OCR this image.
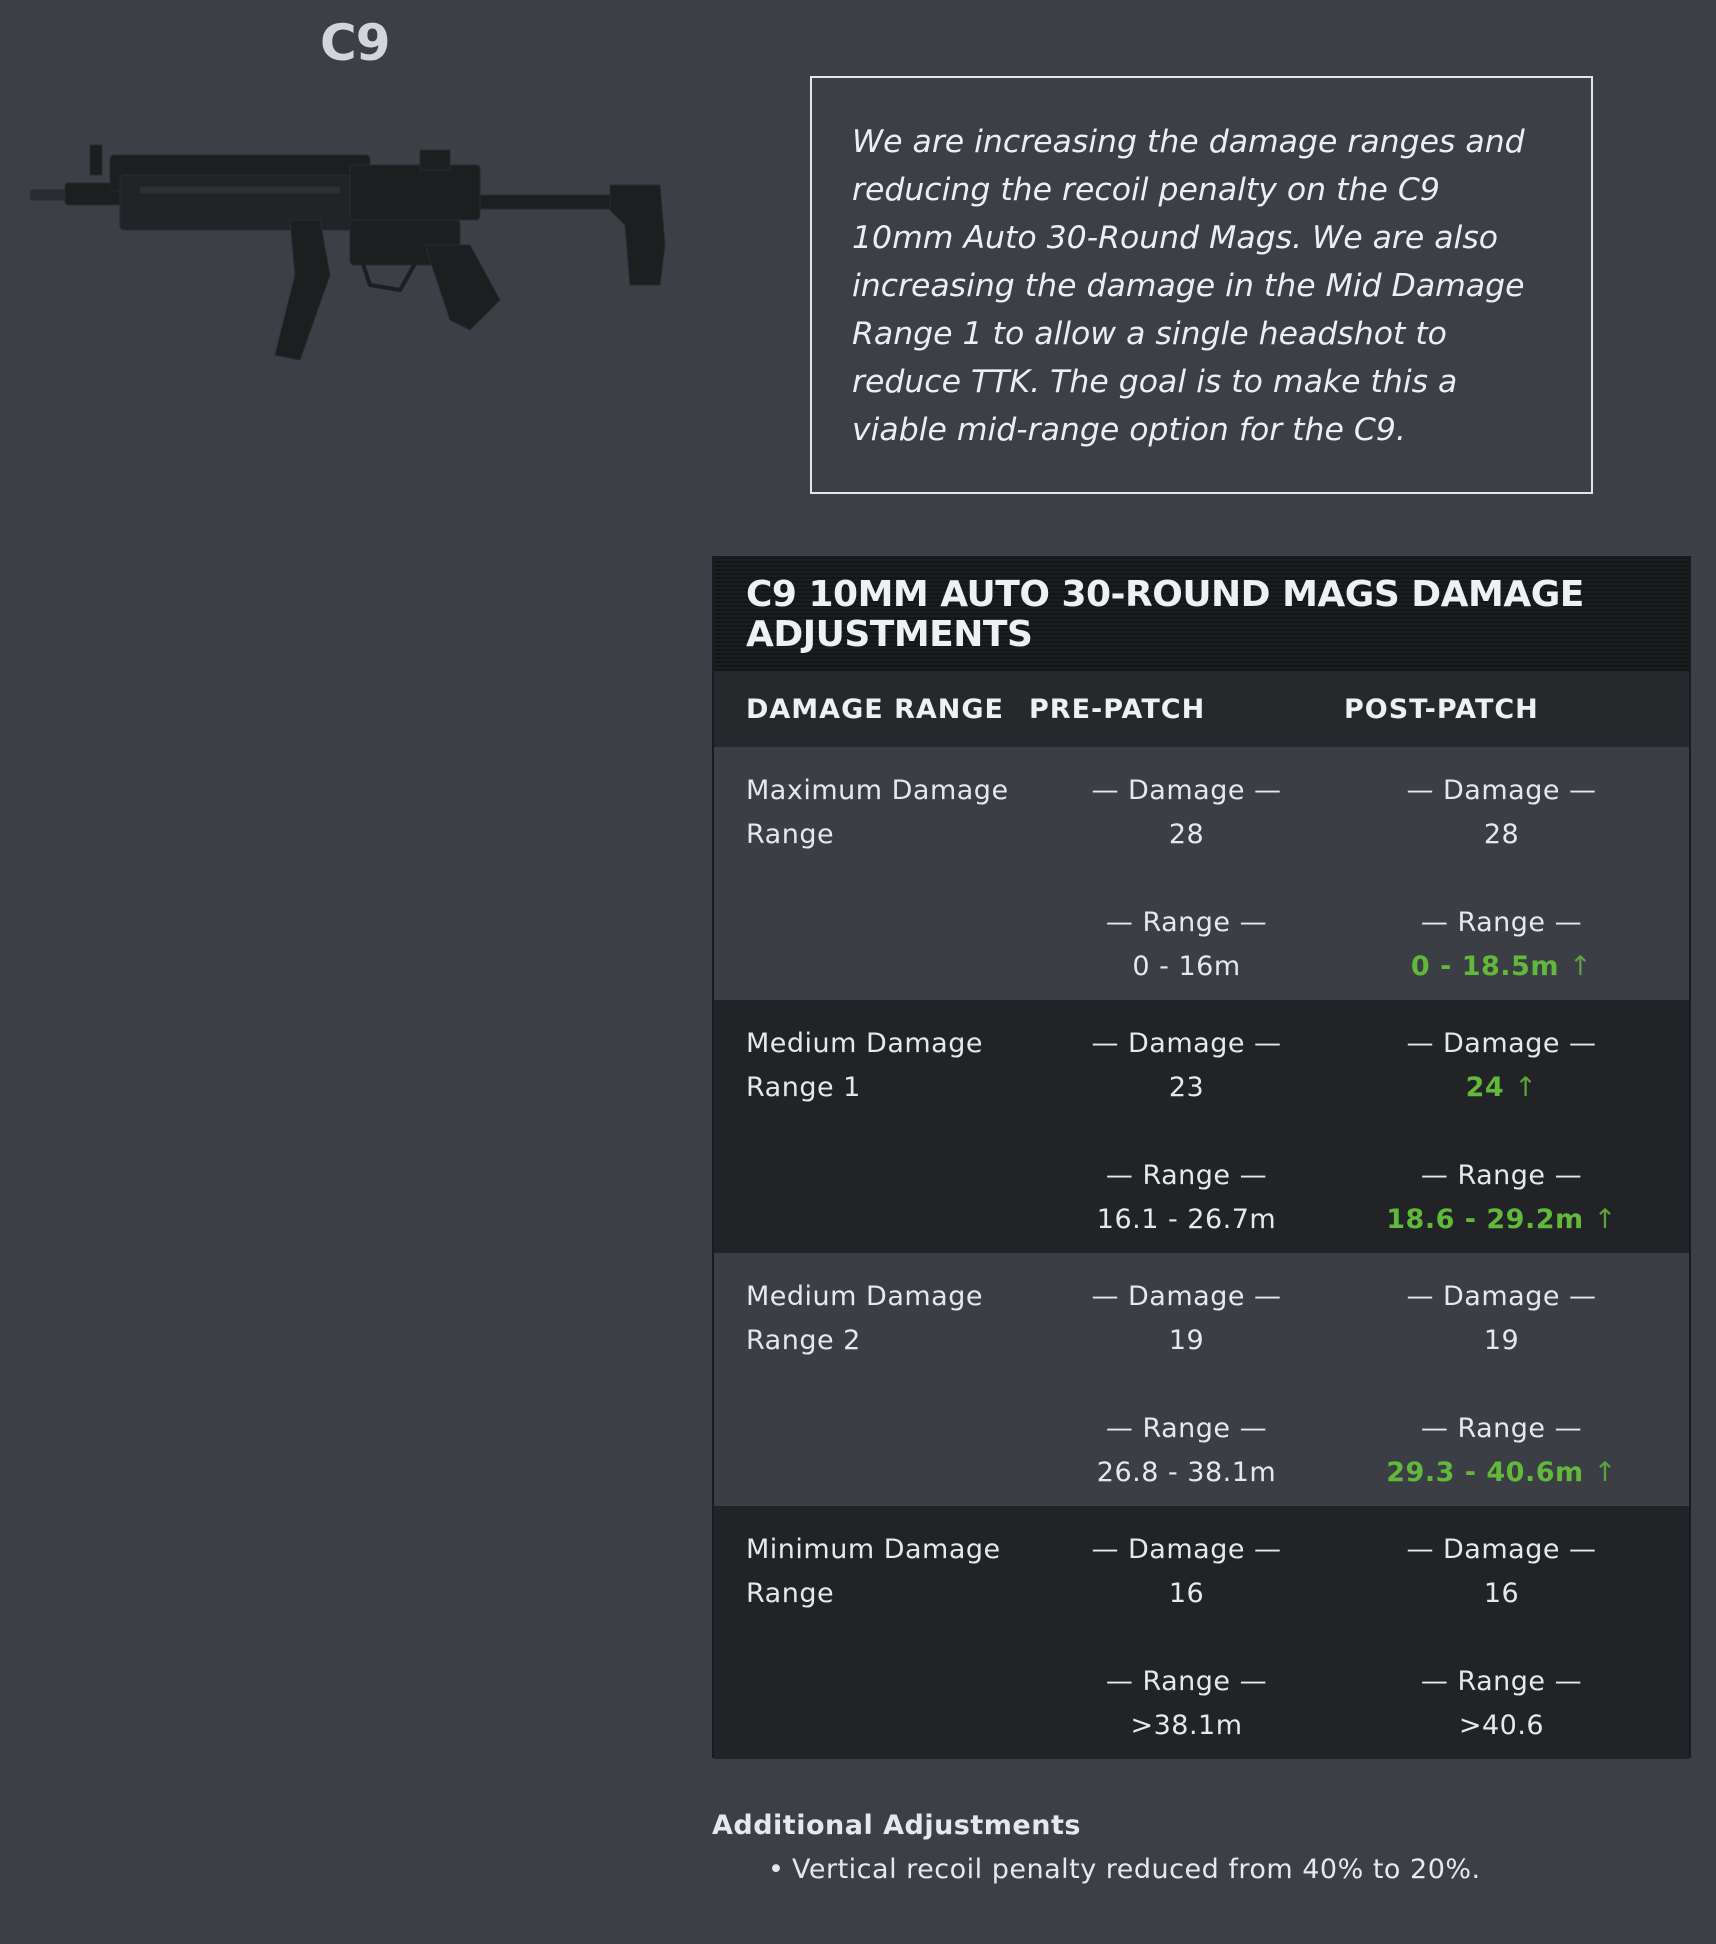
C9
We are increasing the damage ranges and reducing the recoil penalty on the C9 10mm Auto 30-Round Mags. We are also increasing the damage in the Mid Damage Range 1 to allow a single headshot to reduce TTK. The goal is to make this a viable mid-range option for the C9.
C9 10MM AUTO 30-ROUND MAGS DAMAGE ADJUSTMENTS
DAMAGE RANGE PRE-PATCH	POST-PATCH
Maximum Damage Range
— Damage —
28
— Range —
0 - 16m
— Damage —
28
— Range —
0 - 18.5m ↑
Medium Damage Range 1
— Damage —
23
— Range —
16.1 - 26.7m
— Damage —
24 ↑
— Range —
18.6 - 29.2m ↑
Medium Damage Range 2
— Damage —
19
— Range —
26.8 - 38.1m
— Damage —
19
— Range —
29.3 - 40.6m ↑
Minimum Damage Range
— Damage —
16
— Range —
>38.1m
— Damage —
16
— Range —
>40.6
Additional Adjustments
• Vertical recoil penalty reduced from 40% to 20%.
